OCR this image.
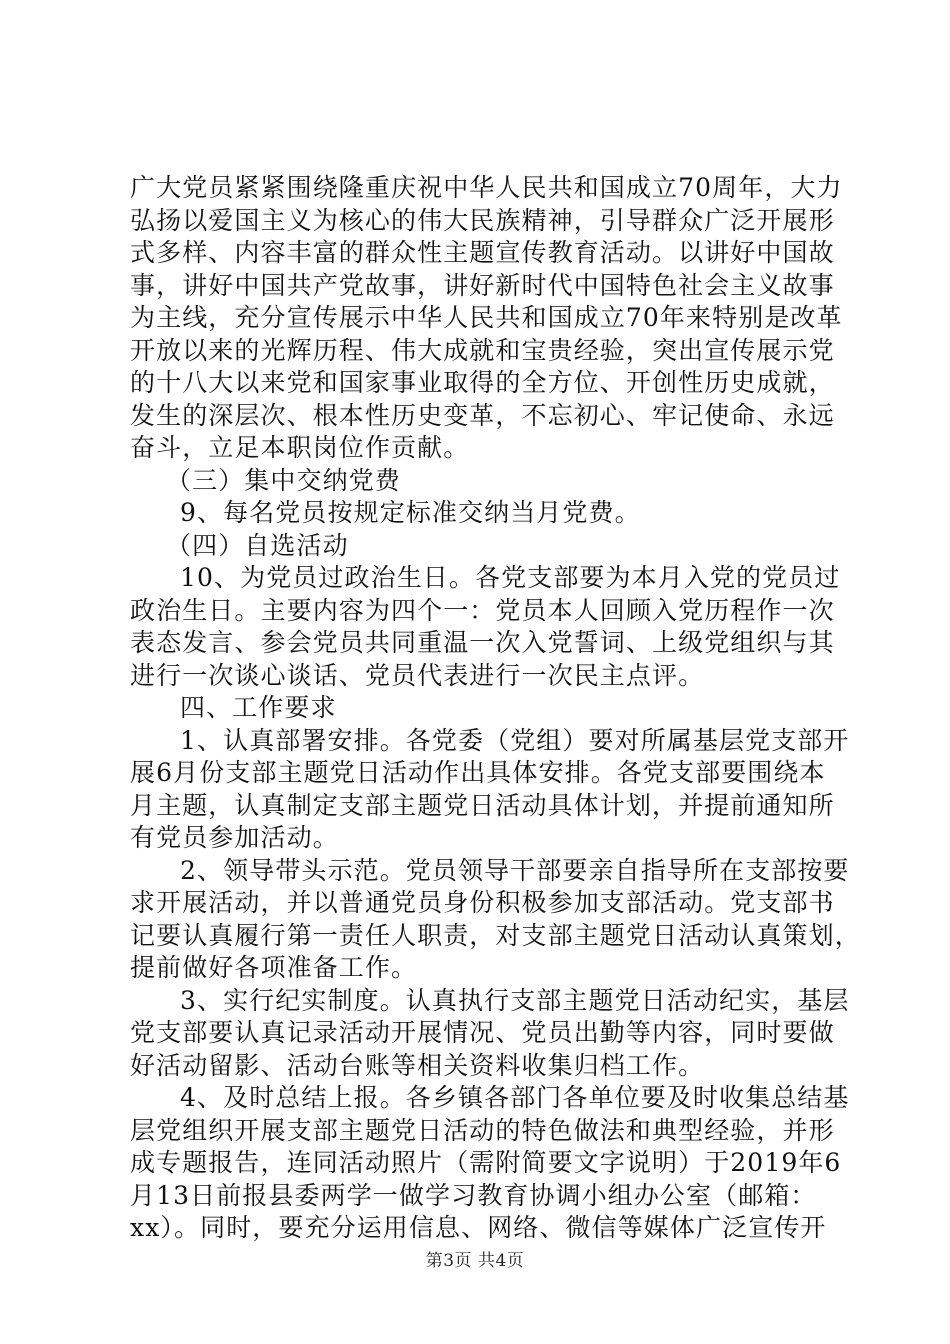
广大党员紧紧围绕隆重庆祝中华人民共和国成立70周年，大力
弘扬以爱国主义为核心的伟大民族精神，引导群众广泛开展形
式多样、内容丰富的群众性主题宣传教育活动。以讲好中国故
事，讲好中国共产党故事，讲好新时代中国特色社会主义故事
为主线，充分宣传展示中华人民共和国成立70年来特别是改革
开放以来的光辉历程、伟大成就和宝贵经验，突出宣传展示党
的十八大以来党和国家事业取得的全方位、开创性历史成就，
发生的深层次、根本性历史变革，不忘初心、牢记使命、永远
奋斗，立足本职岗位作贡献。
（三）集中交纳党费
9、每名党员按规定标准交纳当月党费。
（四）自选活动
10、为党员过政治生日。各党支部要为本月入党的党员过
政治生日。主要内容为四个一：党员本人回顾入党历程作一次
表态发言、参会党员共同重温一次入党誓词、上级党组织与其
进行一次谈心谈话、党员代表进行一次民主点评。
四、工作要求
1、认真部署安排。各党委（党组）要对所属基层党支部开
展6月份支部主题党日活动作出具体安排。各党支部要围绕本
月主题，认真制定支部主题党日活动具体计划，并提前通知所
有党员参加活动。
2、领导带头示范。党员领导干部要亲自指导所在支部按要
求开展活动，并以普通党员身份积极参加支部活动。党支部书
记要认真履行第一责任人职责，对支部主题党日活动认真策划，
提前做好各项准备工作。
3、实行纪实制度。认真执行支部主题党日活动纪实，基层
党支部要认真记录活动开展情况、党员出勤等内容，同时要做
好活动留影、活动台账等相关资料收集归档工作。
4、及时总结上报。各乡镇各部门各单位要及时收集总结基
层党组织开展支部主题党日活动的特色做法和典型经验，并形
成专题报告，连同活动照片（需附简要文字说明）于2019年6
月13日前报县委两学一做学习教育协调小组办公室（邮箱：
xx）。同时，要充分运用信息、网络、微信等媒体广泛宣传开
第3页 共4页
